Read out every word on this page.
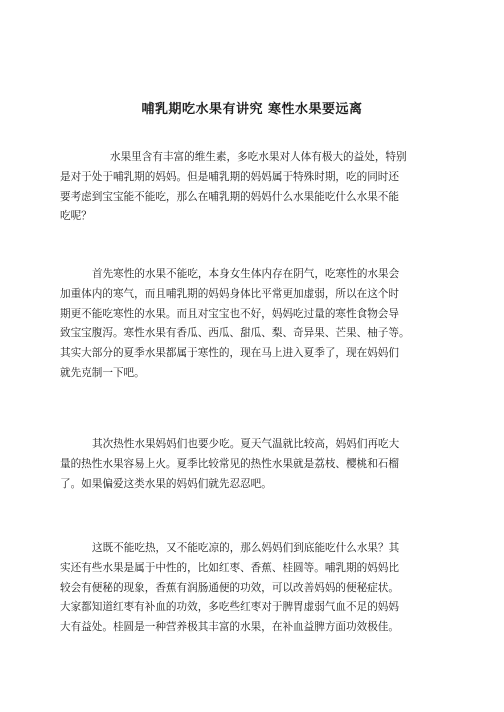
哺乳期吃水果有讲究 寒性水果要远离

水果里含有丰富的维生素，多吃水果对人体有极大的益处，特别
是对于处于哺乳期的妈妈。但是哺乳期的妈妈属于特殊时期，吃的同时还
要考虑到宝宝能不能吃，那么在哺乳期的妈妈什么水果能吃什么水果不能
吃呢？

首先寒性的水果不能吃，本身女生体内存在阴气，吃寒性的水果会
加重体内的寒气，而且哺乳期的妈妈身体比平常更加虚弱，所以在这个时
期更不能吃寒性的水果。而且对宝宝也不好，妈妈吃过量的寒性食物会导
致宝宝腹泻。寒性水果有香瓜、西瓜、甜瓜、梨、奇异果、芒果、柚子等。
其实大部分的夏季水果都属于寒性的，现在马上进入夏季了，现在妈妈们
就先克制一下吧。

其次热性水果妈妈们也要少吃。夏天气温就比较高，妈妈们再吃大
量的热性水果容易上火。夏季比较常见的热性水果就是荔枝、樱桃和石榴
了。如果偏爱这类水果的妈妈们就先忍忍吧。

这既不能吃热，又不能吃凉的，那么妈妈们到底能吃什么水果？其
实还有些水果是属于中性的，比如红枣、香蕉、桂圆等。哺乳期的妈妈比
较会有便秘的现象，香蕉有润肠通便的功效，可以改善妈妈的便秘症状。
大家都知道红枣有补血的功效，多吃些红枣对于脾胃虚弱气血不足的妈妈
大有益处。桂圆是一种营养极其丰富的水果，在补血益脾方面功效极佳。
